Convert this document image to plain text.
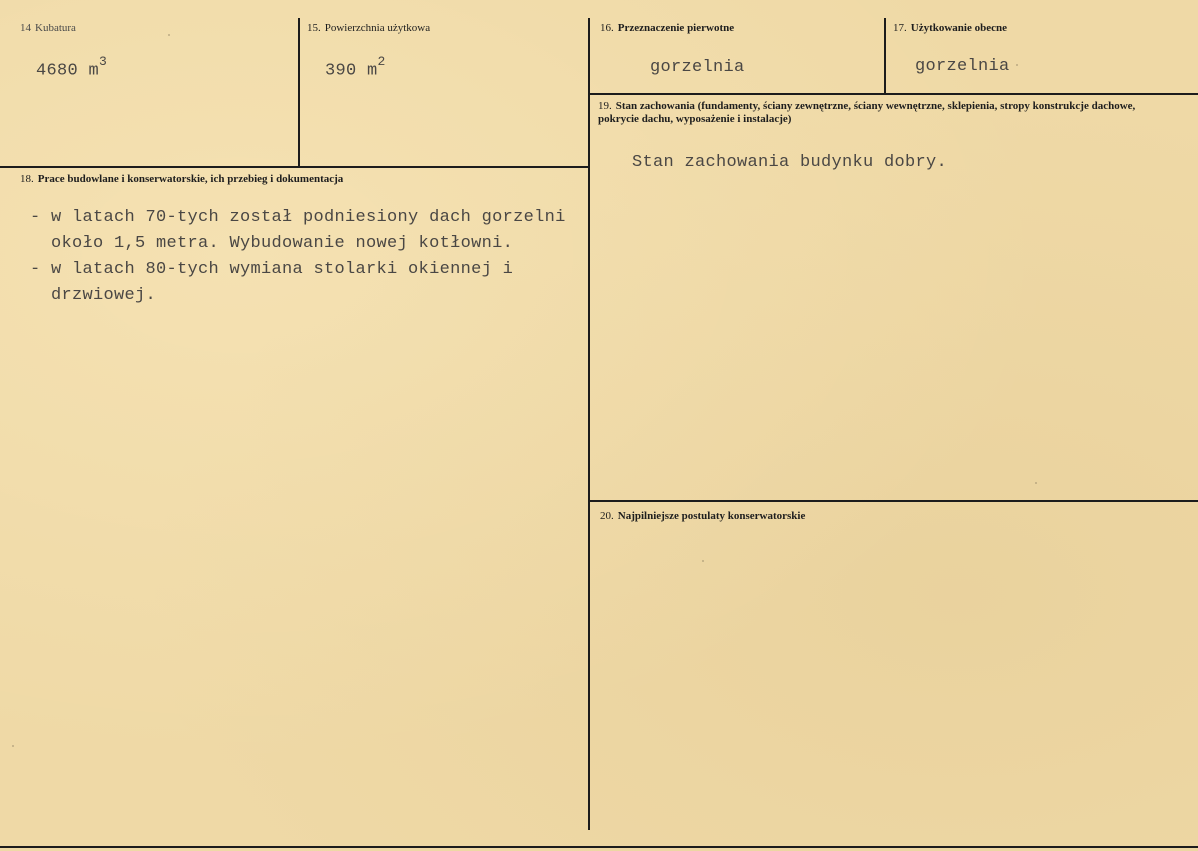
14 Kubatura
4680 $m^3$
15. Powierzchnia użytkowa
390 $m^2$
16. Przeznaczenie pierwotne
gorzelnia
17. Użytkowanie obecne
gorzelnia
18. Prace budowlane i konserwatorskie, ich przebieg i dokumentacja
- w latach 70-tych został podniesiony dach gorzelni
około 1,5 metra. Wybudowanie nowej kotłowni.
- w latach 80-tych wymiana stolarki okiennej i
drzwiowej.
19. Stan zachowania (fundamenty, ściany zewnętrzne, ściany wewnętrzne, sklepienia, stropy konstrukcje dachowe, pokrycie dachu, wyposażenie i instalacje)
Stan zachowania budynku dobry.
20. Najpilniejsze postulaty konserwatorskie
